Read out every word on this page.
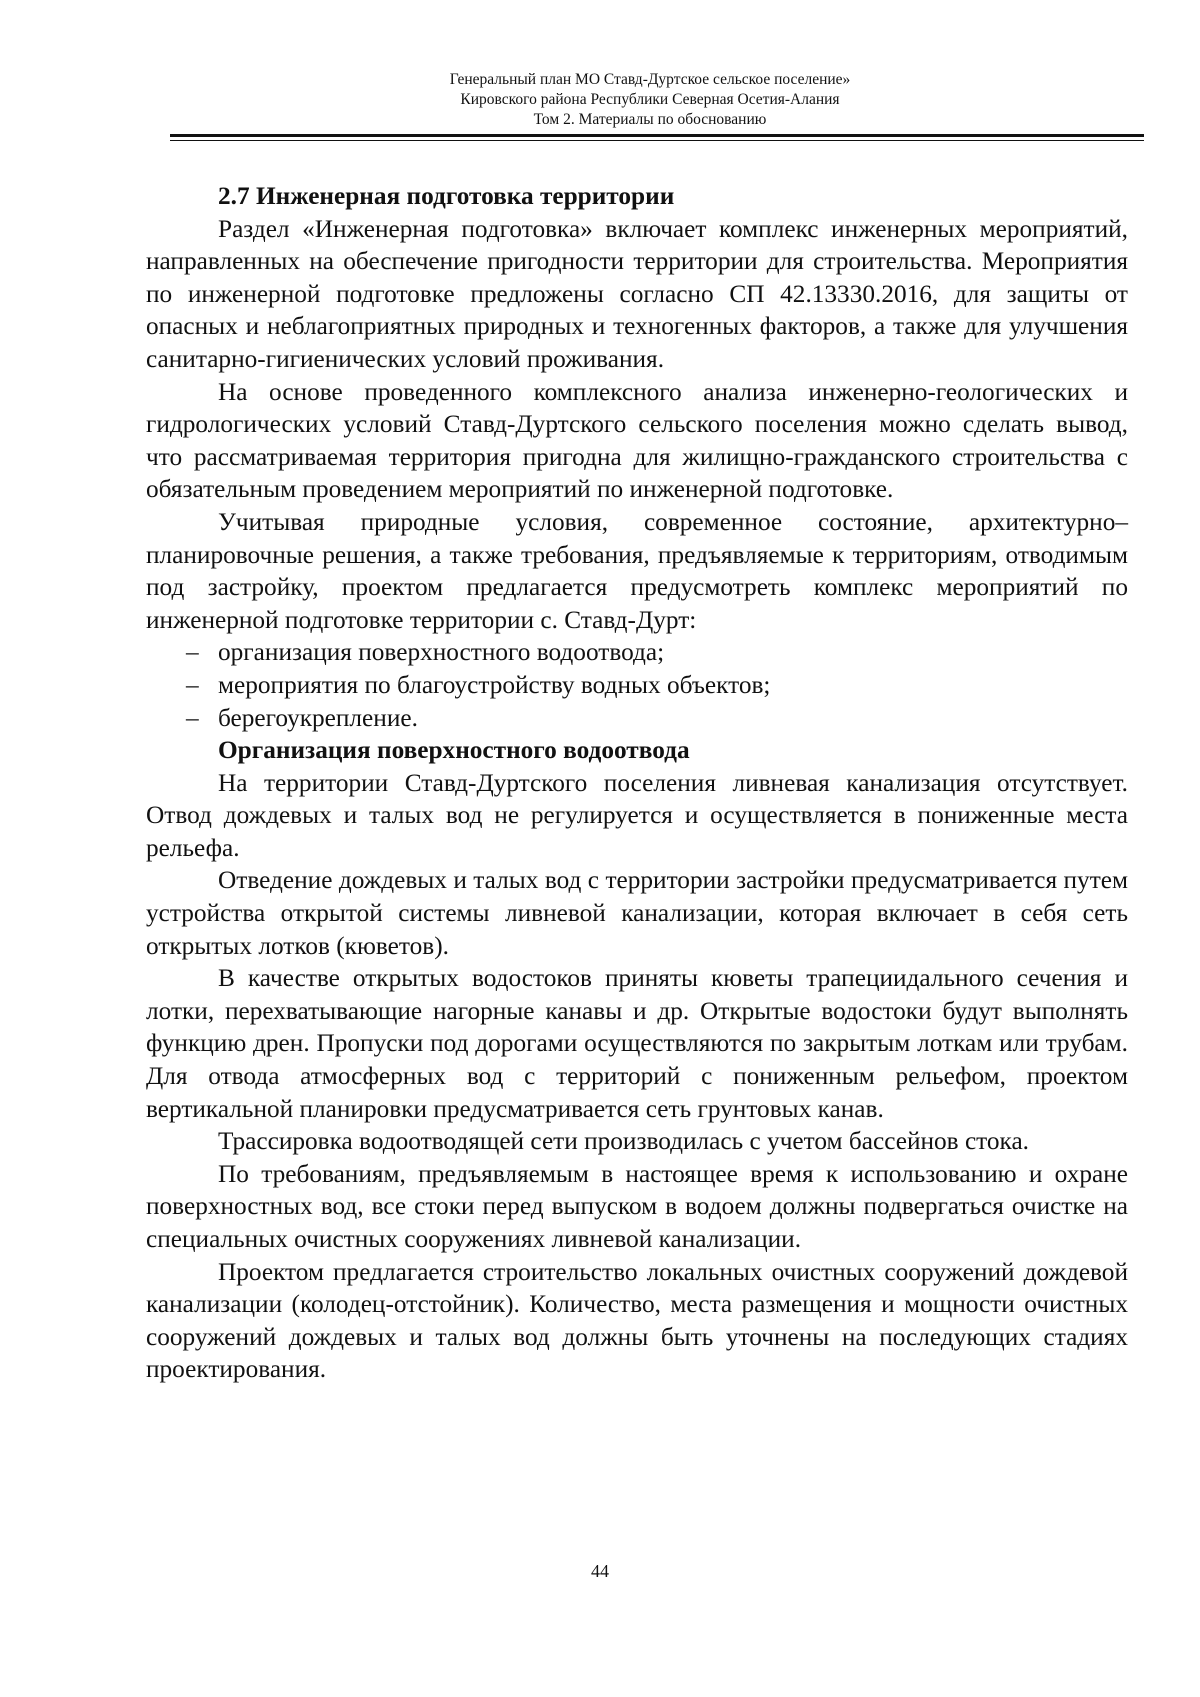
Генеральный план МО Ставд-Дуртское сельское поселение»
Кировского района Республики Северная Осетия-Алания
Том 2. Материалы по обоснованию
2.7 Инженерная подготовка территории

Раздел «Инженерная подготовка» включает комплекс инженерных мероприятий, направленных на обеспечение пригодности территории для строительства. Мероприятия по инженерной подготовке предложены согласно СП 42.13330.2016, для защиты от опасных и неблагоприятных природных и техногенных факторов, а также для улучшения санитарно-гигиенических условий проживания.

На основе проведенного комплексного анализа инженерно-геологических и гидрологических условий Ставд-Дуртского сельского поселения можно сделать вывод, что рассматриваемая территория пригодна для жилищно-гражданского строительства с обязательным проведением мероприятий по инженерной подготовке.

Учитывая природные условия, современное состояние, архитектурно–планировочные решения, а также требования, предъявляемые к территориям, отводимым под застройку, проектом предлагается предусмотреть комплекс мероприятий по инженерной подготовке территории с. Ставд-Дурт:

– организация поверхностного водоотвода;
– мероприятия по благоустройству водных объектов;
– берегоукрепление.
Организация поверхностного водоотвода

На территории Ставд-Дуртского поселения ливневая канализация отсутствует. Отвод дождевых и талых вод не регулируется и осуществляется в пониженные места рельефа.

Отведение дождевых и талых вод с территории застройки предусматривается путем устройства открытой системы ливневой канализации, которая включает в себя сеть открытых лотков (кюветов).

В качестве открытых водостоков приняты кюветы трапециидального сечения и лотки, перехватывающие нагорные канавы и др. Открытые водостоки будут выполнять функцию дрен. Пропуски под дорогами осуществляются по закрытым лоткам или трубам. Для отвода атмосферных вод с территорий с пониженным рельефом, проектом вертикальной планировки предусматривается сеть грунтовых канав.

Трассировка водоотводящей сети производилась с учетом бассейнов стока.

По требованиям, предъявляемым в настоящее время к использованию и охране поверхностных вод, все стоки перед выпуском в водоем должны подвергаться очистке на специальных очистных сооружениях ливневой канализации.

Проектом предлагается строительство локальных очистных сооружений дождевой канализации (колодец-отстойник). Количество, места размещения и мощности очистных сооружений дождевых и талых вод должны быть уточнены на последующих стадиях проектирования.

44
